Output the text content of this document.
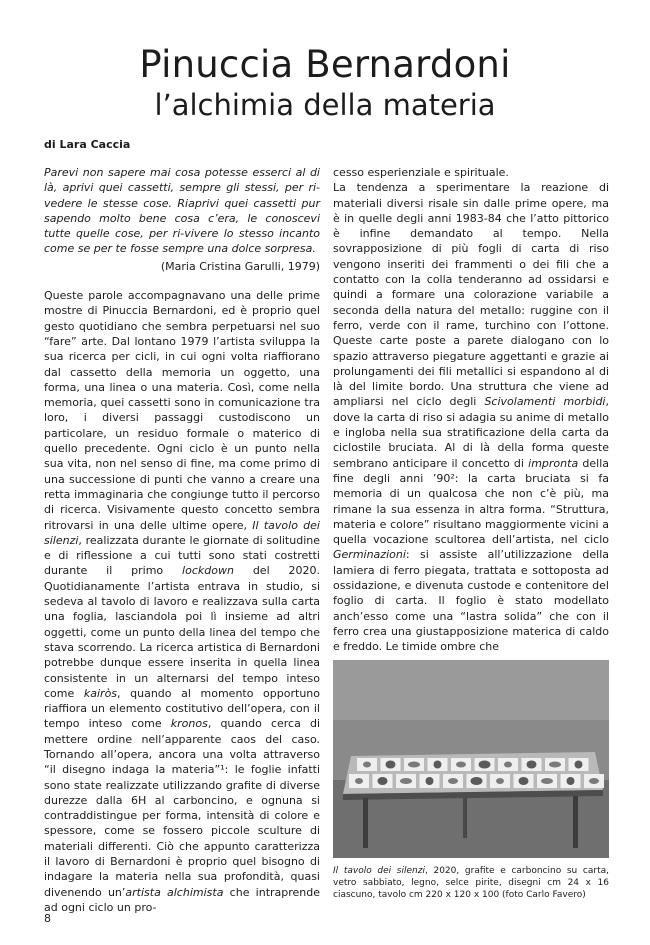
Pinuccia Bernardoni
l’alchimia della materia
di Lara Caccia
Parevi non sapere mai cosa potesse esserci al di là, aprivi quei cassetti, sempre gli stessi, per ri-vedere le stesse cose. Riaprivi quei cassetti pur sapendo molto bene cosa c’era, le conoscevi tutte quelle cose, per ri-vivere lo stesso incanto come se per te fosse sempre una dolce sorpresa.
(Maria Cristina Garulli, 1979)
Queste parole accompagnavano una delle prime mostre di Pinuccia Bernardoni, ed è proprio quel gesto quotidiano che sembra perpetuarsi nel suo “fare” arte. Dal lontano 1979 l’artista sviluppa la sua ricerca per cicli, in cui ogni volta riaffiorano dal cassetto della memoria un oggetto, una forma, una linea o una materia. Così, come nella memoria, quei cassetti sono in comunicazione tra loro, i diversi passaggi custodiscono un particolare, un residuo formale o materico di quello precedente. Ogni ciclo è un punto nella sua vita, non nel senso di fine, ma come primo di una successione di punti che vanno a creare una retta immaginaria che congiunge tutto il percorso di ricerca. Visivamente questo concetto sembra ritrovarsi in una delle ultime opere, Il tavolo dei silenzi, realizzata durante le giornate di solitudine e di riflessione a cui tutti sono stati costretti durante il primo lockdown del 2020. Quotidianamente l’artista entrava in studio, si sedeva al tavolo di lavoro e realizzava sulla carta una foglia, lasciandola poi lì insieme ad altri oggetti, come un punto della linea del tempo che stava scorrendo. La ricerca artistica di Bernardoni potrebbe dunque essere inserita in quella linea consistente in un alternarsi del tempo inteso come kairòs, quando al momento opportuno riaffiora un elemento costitutivo dell’opera, con il tempo inteso come kronos, quando cerca di mettere ordine nell’apparente caos del caso. Tornando all’opera, ancora una volta attraverso “il disegno indaga la materia”¹: le foglie infatti sono state realizzate utilizzando grafite di diverse durezze dalla 6H al carboncino, e ognuna si contraddistingue per forma, intensità di colore e spessore, come se fossero piccole sculture di materiali differenti. Ciò che appunto caratterizza il lavoro di Bernardoni è proprio quel bisogno di indagare la materia nella sua profondità, quasi divenendo un’artista alchimista che intraprende ad ogni ciclo un pro-
cesso esperienziale e spirituale.
La tendenza a sperimentare la reazione di materiali diversi risale sin dalle prime opere, ma è in quelle degli anni 1983-84 che l’atto pittorico è infine demandato al tempo. Nella sovrapposizione di più fogli di carta di riso vengono inseriti dei frammenti o dei fili che a contatto con la colla tenderanno ad ossidarsi e quindi a formare una colorazione variabile a seconda della natura del metallo: ruggine con il ferro, verde con il rame, turchino con l’ottone. Queste carte poste a parete dialogano con lo spazio attraverso piegature aggettanti e grazie ai prolungamenti dei fili metallici si espandono al di là del limite bordo. Una struttura che viene ad ampliarsi nel ciclo degli Scivolamenti morbidi, dove la carta di riso si adagia su anime di metallo e ingloba nella sua stratificazione della carta da ciclostile bruciata. Al di là della forma queste sembrano anticipare il concetto di impronta della fine degli anni ’90²: la carta bruciata si fa memoria di un qualcosa che non c’è più, ma rimane la sua essenza in altra forma. “Struttura, materia e colore” risultano maggiormente vicini a quella vocazione scultorea dell’artista, nel ciclo Germinazioni: si assiste all’utilizzazione della lamiera di ferro piegata, trattata e sottoposta ad ossidazione, e divenuta custode e contenitore del foglio di carta. Il foglio è stato modellato anch’esso come una “lastra solida” che con il ferro crea una giustapposizione materica di caldo e freddo. Le timide ombre che
Il tavolo dei silenzi, 2020, grafite e carboncino su carta, vetro sabbiato, legno, selce pirite, disegni cm 24 x 16 ciascuno, tavolo cm 220 x 120 x 100 (foto Carlo Favero)
8
